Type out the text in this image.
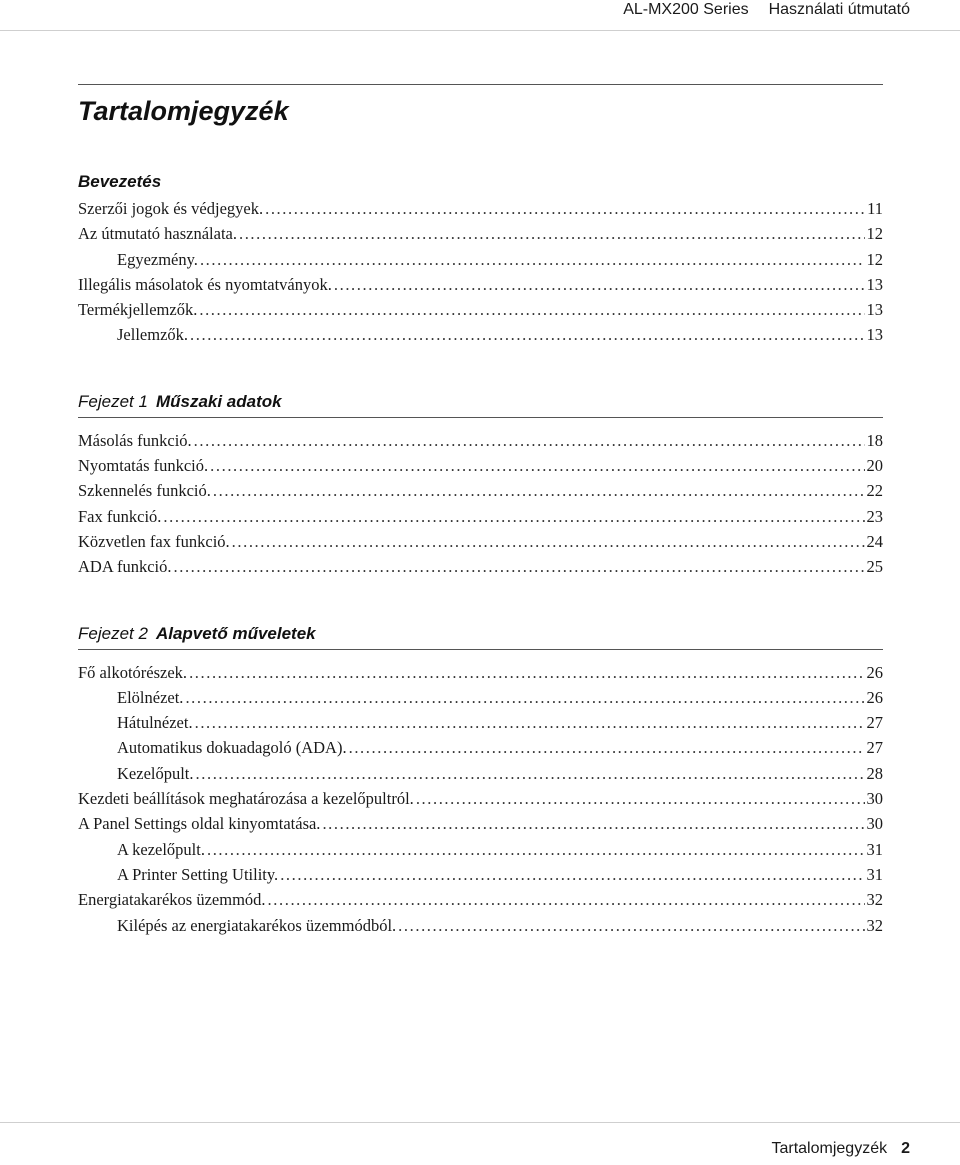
AL-MX200 Series Használati útmutató
Tartalomjegyzék
Bevezetés
Szerzői jogok és védjegyek. .....	11
Az útmutató használata. .....	12
Egyezmény. .....	12
Illegális másolatok és nyomtatványok. .....	13
Termékjellemzők. .....	13
Jellemzők. .....	13
Fejezet 1 Műszaki adatok
Másolás funkció. .....	18
Nyomtatás funkció. .....	20
Szkennelés funkció. .....	22
Fax funkció. .....	23
Közvetlen fax funkció. .....	24
ADA funkció. .....	25
Fejezet 2 Alapvető műveletek
Fő alkotórészek. .....	26
Elölnézet. .....	26
Hátulnézet. .....	27
Automatikus dokuadagoló (ADA). .....	27
Kezelőpult. .....	28
Kezdeti beállítások meghatározása a kezelőpultról. .....	30
A Panel Settings oldal kinyomtatása. .....	30
A kezelőpult. .....	31
A Printer Setting Utility. .....	31
Energiatakarékos üzemmód. .....	32
Kilépés az energiatakarékos üzemmódból. .....	32
Tartalomjegyzék 2
